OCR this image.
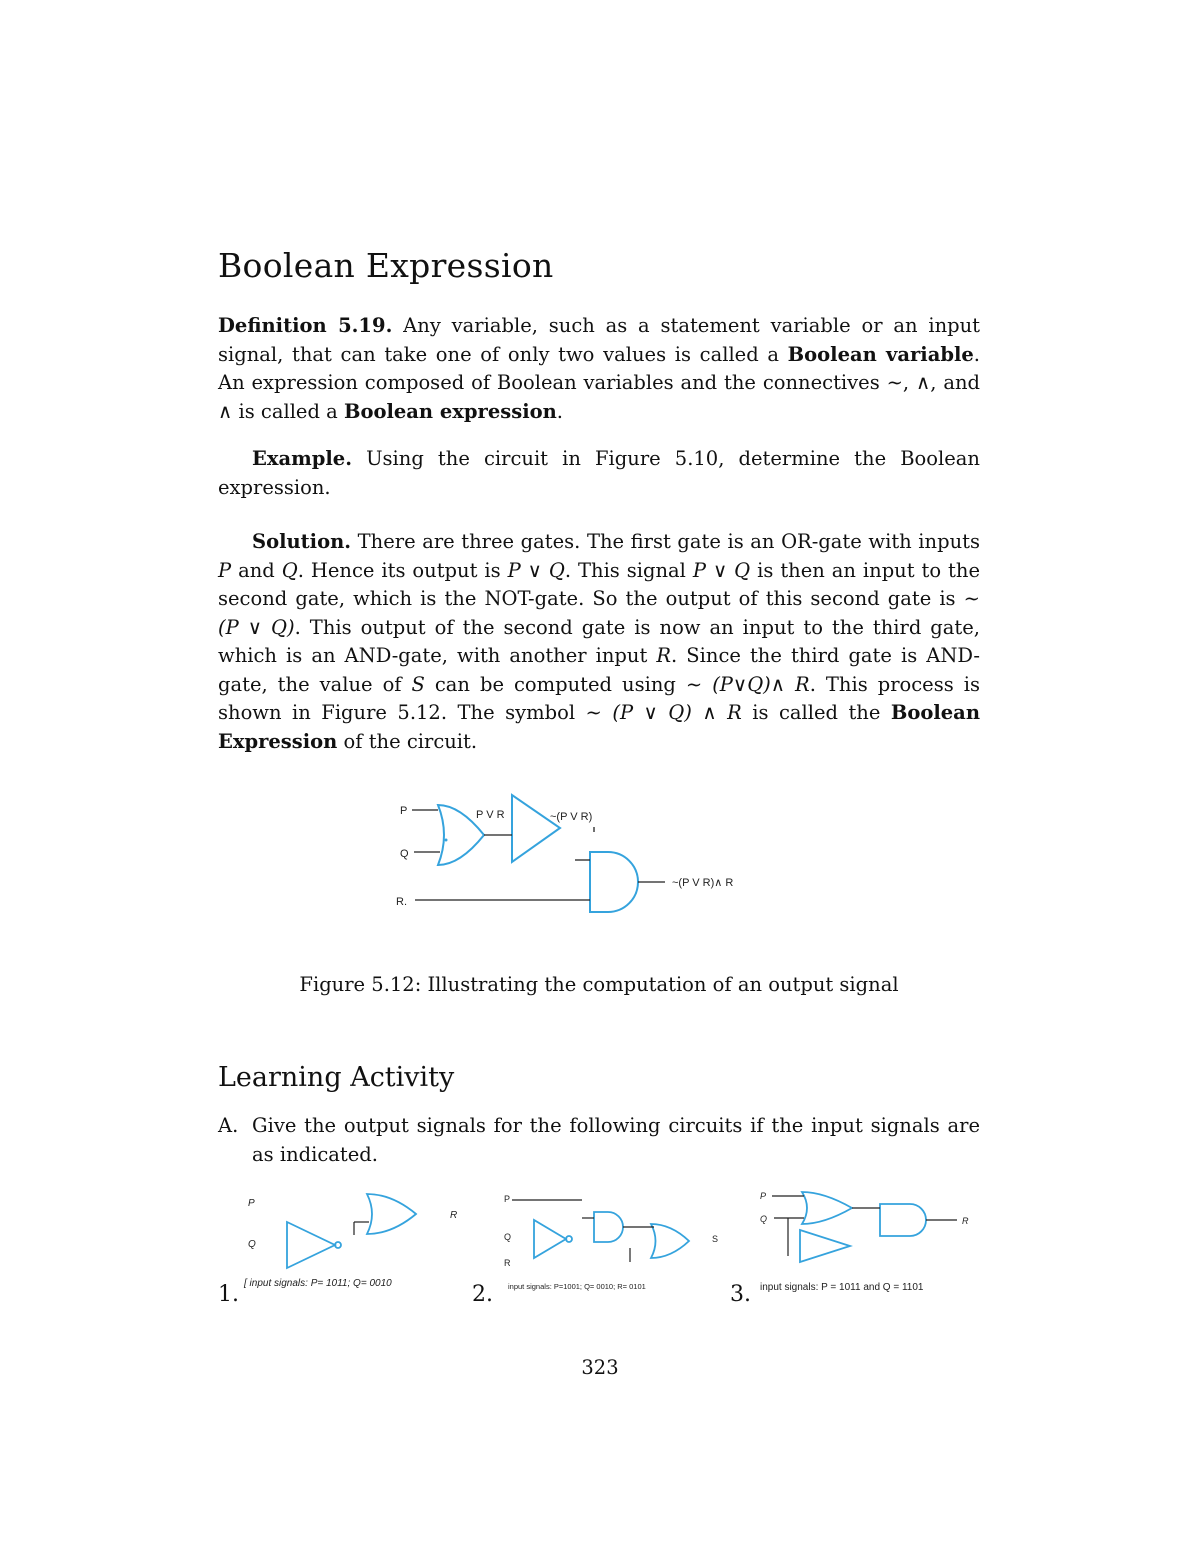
Boolean Expression

Definition 5.19. Any variable, such as a statement variable or an input signal, that can take one of only two values is called a Boolean variable. An expression composed of Boolean variables and the connectives ∼, ∧, and ∧ is called a Boolean expression.

Example. Using the circuit in Figure 5.10, determine the Boolean expression.

Solution. There are three gates. The first gate is an OR-gate with inputs P and Q. Hence its output is P ∨ Q. This signal P ∨ Q is then an input to the second gate, which is the NOT-gate. So the output of this second gate is ∼ (P ∨ Q). This output of the second gate is now an input to the third gate, which is an AND-gate, with another input R. Since the third gate is AND-gate, the value of S can be computed using ∼ (P∨Q)∧ R. This process is shown in Figure 5.12. The symbol ∼ (P ∨ Q) ∧ R is called the Boolean Expression of the circuit.

P
Q
R.
P V R	~(P V R)
~(P V R)∧ R
Figure 5.12: Illustrating the computation of an output signal
Learning Activity
A. Give the output signals for the following circuits if the input signals are as indicated.
1.
P
Q
R
[ input signals: P= 1011; Q= 0010	2.
P
Q
R
S
input signals: P=1001; Q= 0010; R= 0101	3.
P
Q	R
input signals: P = 1011 and Q = 1101
323
